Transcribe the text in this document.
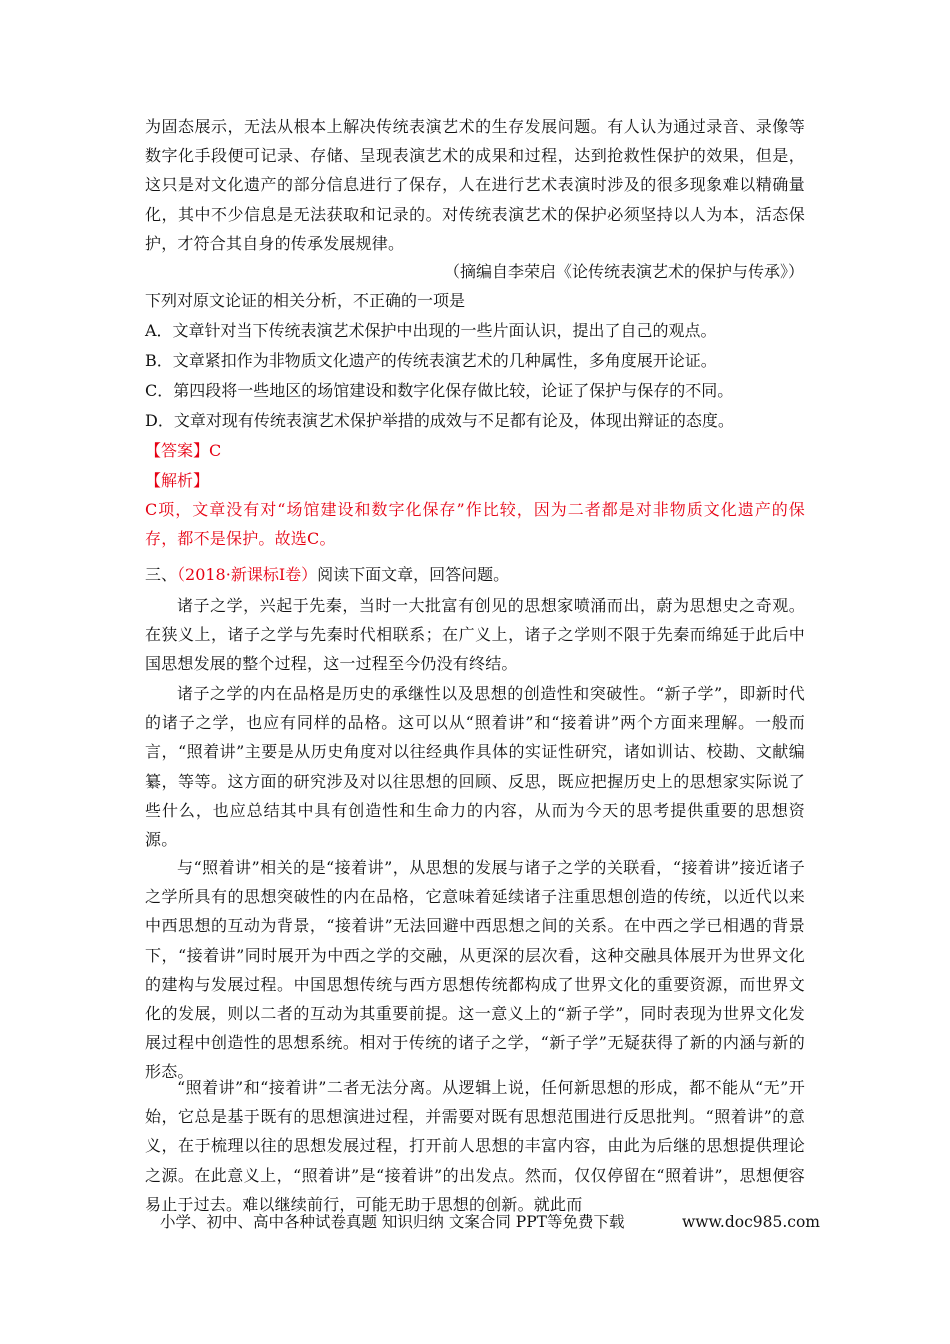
为固态展示，无法从根本上解决传统表演艺术的生存发展问题。有人认为通过录音、录像等数字化手段便可记录、存储、呈现表演艺术的成果和过程，达到抢救性保护的效果，但是，这只是对文化遗产的部分信息进行了保存，人在进行艺术表演时涉及的很多现象难以精确量化，其中不少信息是无法获取和记录的。对传统表演艺术的保护必须坚持以人为本，活态保护，才符合其自身的传承发展规律。

（摘编自李荣启《论传统表演艺术的保护与传承》）

下列对原文论证的相关分析，不正确的一项是

A．文章针对当下传统表演艺术保护中出现的一些片面认识，提出了自己的观点。

B．文章紧扣作为非物质文化遗产的传统表演艺术的几种属性，多角度展开论证。

C．第四段将一些地区的场馆建设和数字化保存做比较，论证了保护与保存的不同。

D．文章对现有传统表演艺术保护举措的成效与不足都有论及，体现出辩证的态度。

【答案】C

【解析】

C项，文章没有对“场馆建设和数字化保存”作比较，因为二者都是对非物质文化遗产的保存，都不是保护。故选C。

三、（2018·新课标Ⅰ卷）阅读下面文章，回答问题。

诸子之学，兴起于先秦，当时一大批富有创见的思想家喷涌而出，蔚为思想史之奇观。在狭义上，诸子之学与先秦时代相联系；在广义上，诸子之学则不限于先秦而绵延于此后中国思想发展的整个过程，这一过程至今仍没有终结。

诸子之学的内在品格是历史的承继性以及思想的创造性和突破性。“新子学”，即新时代的诸子之学，也应有同样的品格。这可以从“照着讲”和“接着讲”两个方面来理解。一般而言，“照着讲”主要是从历史角度对以往经典作具体的实证性研究，诸如训诂、校勘、文献编纂，等等。这方面的研究涉及对以往思想的回顾、反思，既应把握历史上的思想家实际说了些什么，也应总结其中具有创造性和生命力的内容，从而为今天的思考提供重要的思想资源。

与“照着讲”相关的是“接着讲”，从思想的发展与诸子之学的关联看，“接着讲”接近诸子之学所具有的思想突破性的内在品格，它意味着延续诸子注重思想创造的传统，以近代以来中西思想的互动为背景，“接着讲”无法回避中西思想之间的关系。在中西之学已相遇的背景下，“接着讲”同时展开为中西之学的交融，从更深的层次看，这种交融具体展开为世界文化的建构与发展过程。中国思想传统与西方思想传统都构成了世界文化的重要资源，而世界文化的发展，则以二者的互动为其重要前提。这一意义上的“新子学”，同时表现为世界文化发展过程中创造性的思想系统。相对于传统的诸子之学，“新子学”无疑获得了新的内涵与新的形态。

“照着讲”和“接着讲”二者无法分离。从逻辑上说，任何新思想的形成，都不能从“无”开始，它总是基于既有的思想演进过程，并需要对既有思想范围进行反思批判。“照着讲”的意义，在于梳理以往的思想发展过程，打开前人思想的丰富内容，由此为后继的思想提供理论之源。在此意义上，“照着讲”是“接着讲”的出发点。然而，仅仅停留在“照着讲”，思想便容易止于过去。难以继续前行，可能无助于思想的创新。就此而

小学、初中、高中各种试卷真题 知识归纳 文案合同 PPT等免费下载	www.doc985.com
